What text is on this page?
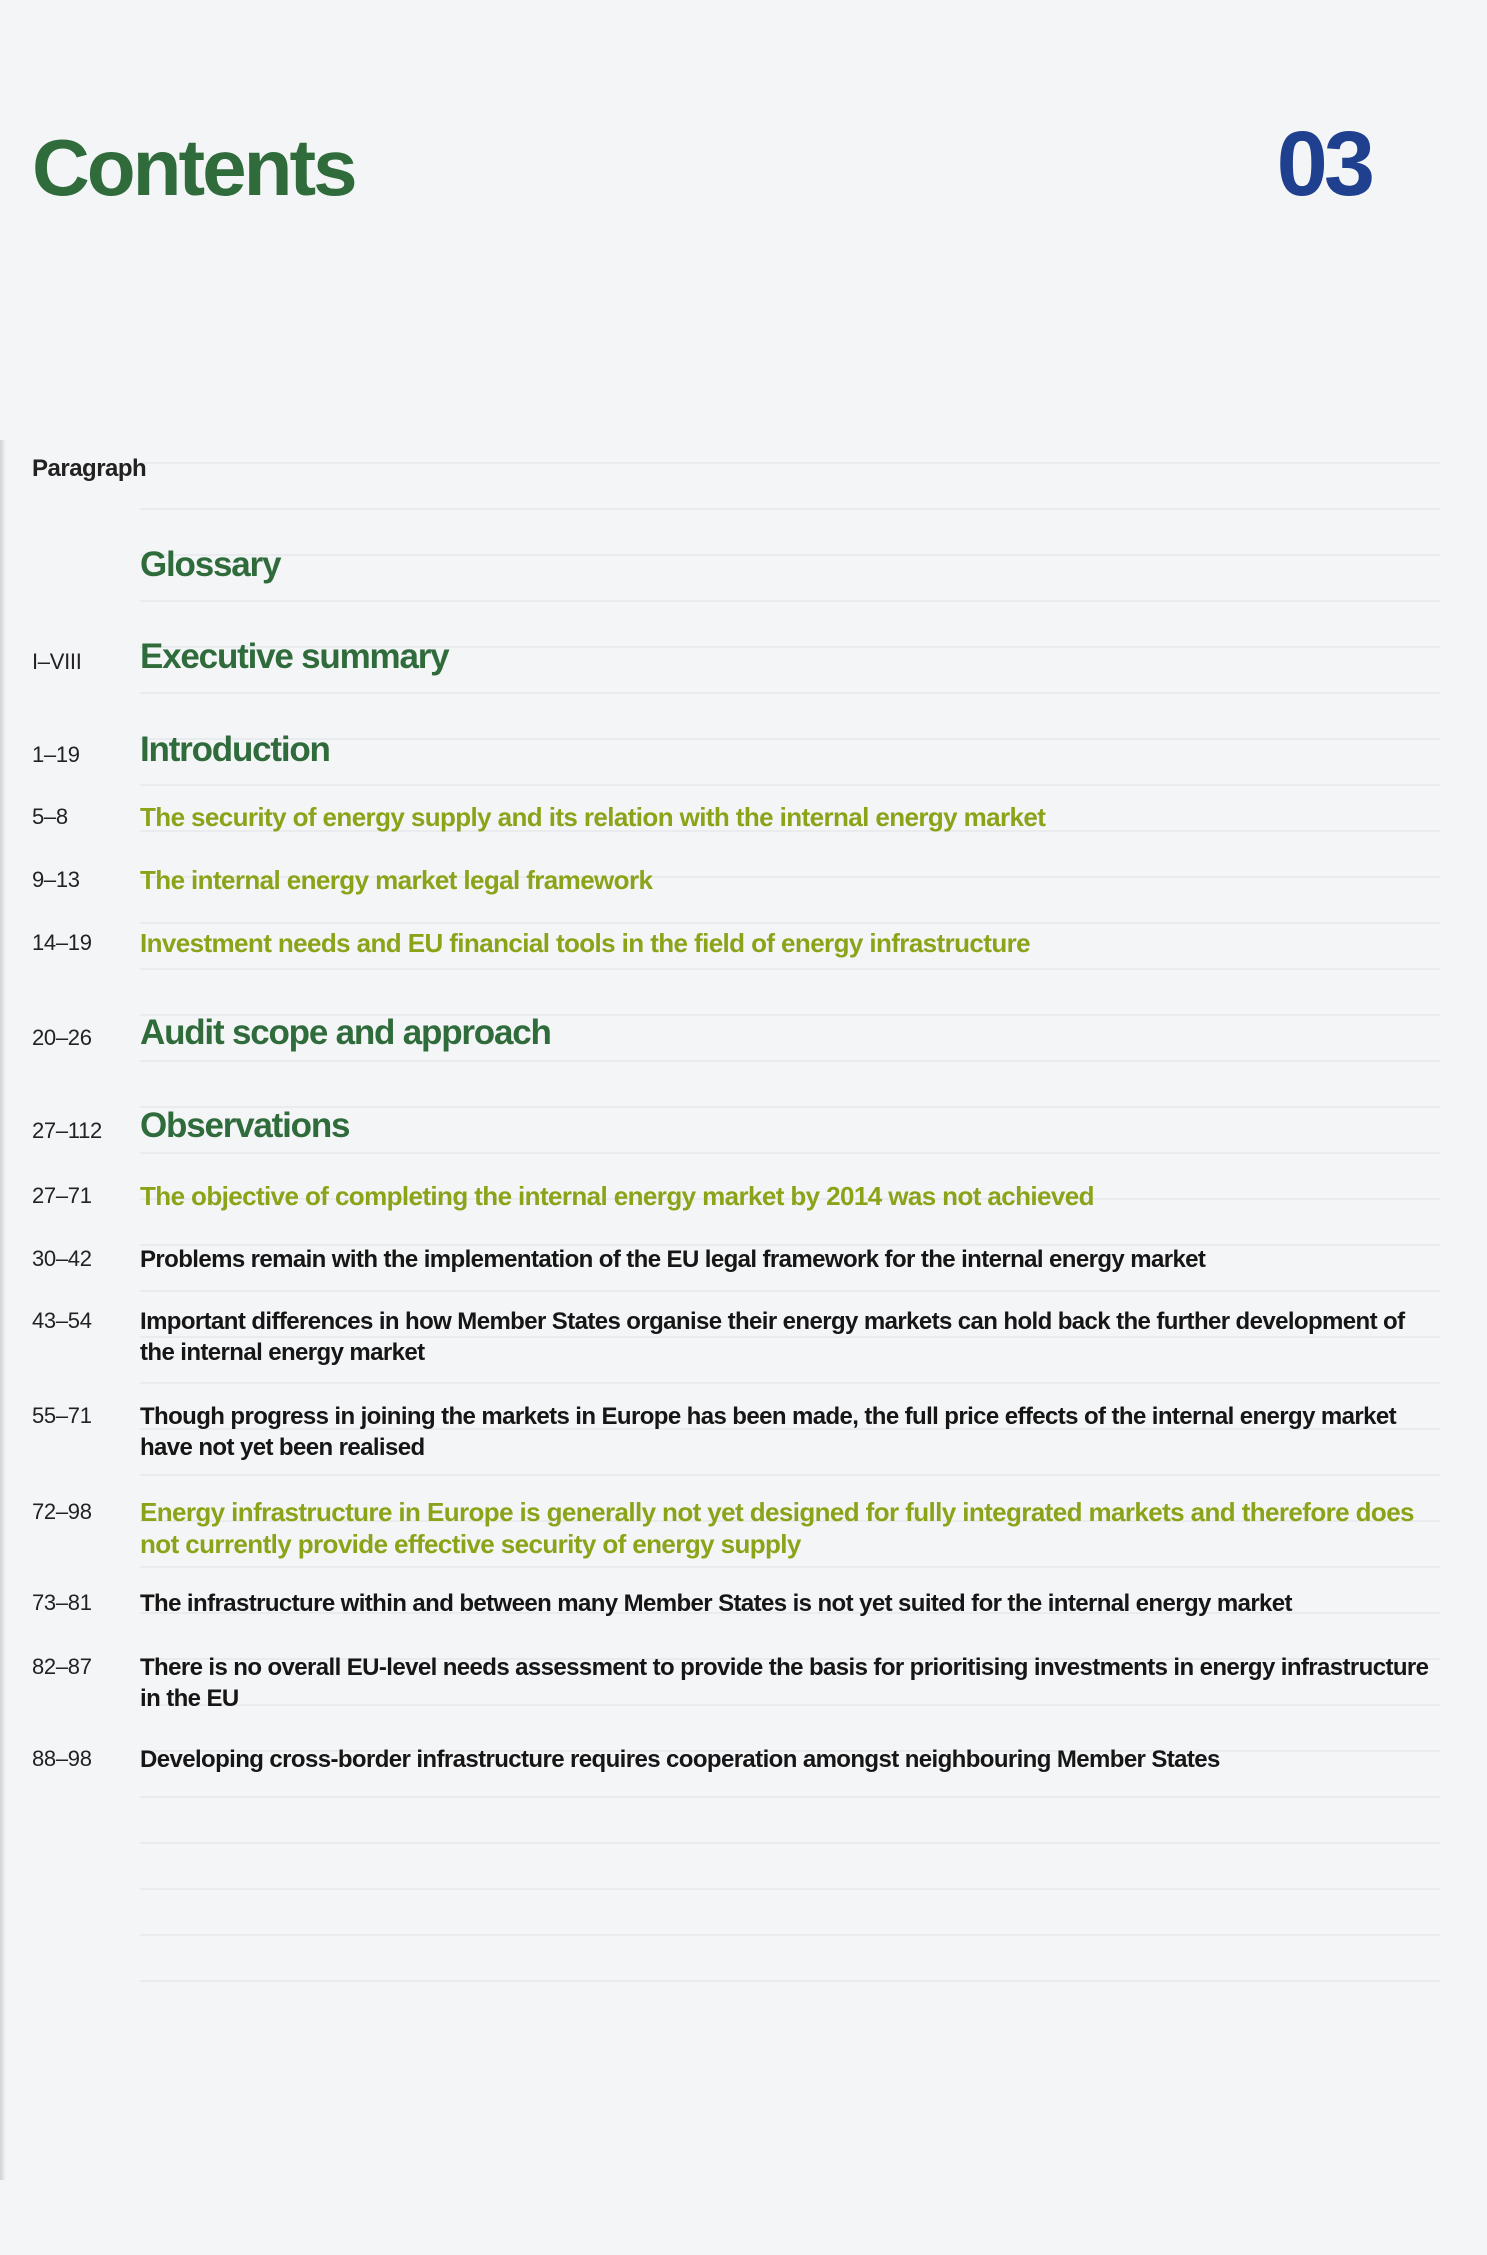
Contents	03
Paragraph
Glossary
I–VIII Executive summary
1–19 Introduction
5–8	The security of energy supply and its relation with the internal energy market
9–13 The internal energy market legal framework
14–19 Investment needs and EU financial tools in the field of energy infrastructure
20–26 Audit scope and approach
27–112 Observations
27–71 The objective of completing the internal energy market by 2014 was not achieved
30–42 Problems remain with the implementation of the EU legal framework for the internal energy market
43–54 Important differences in how Member States organise their energy markets can hold back the further development of the internal energy market
55–71 Though progress in joining the markets in Europe has been made, the full price effects of the internal energy market have not yet been realised
72–98 Energy infrastructure in Europe is generally not yet designed for fully integrated markets and therefore does not currently provide effective security of energy supply
73–81 The infrastructure within and between many Member States is not yet suited for the internal energy market
82–87 There is no overall EU-level needs assessment to provide the basis for prioritising investments in energy infrastructure in the EU
88–98 Developing cross-border infrastructure requires cooperation amongst neighbouring Member States
